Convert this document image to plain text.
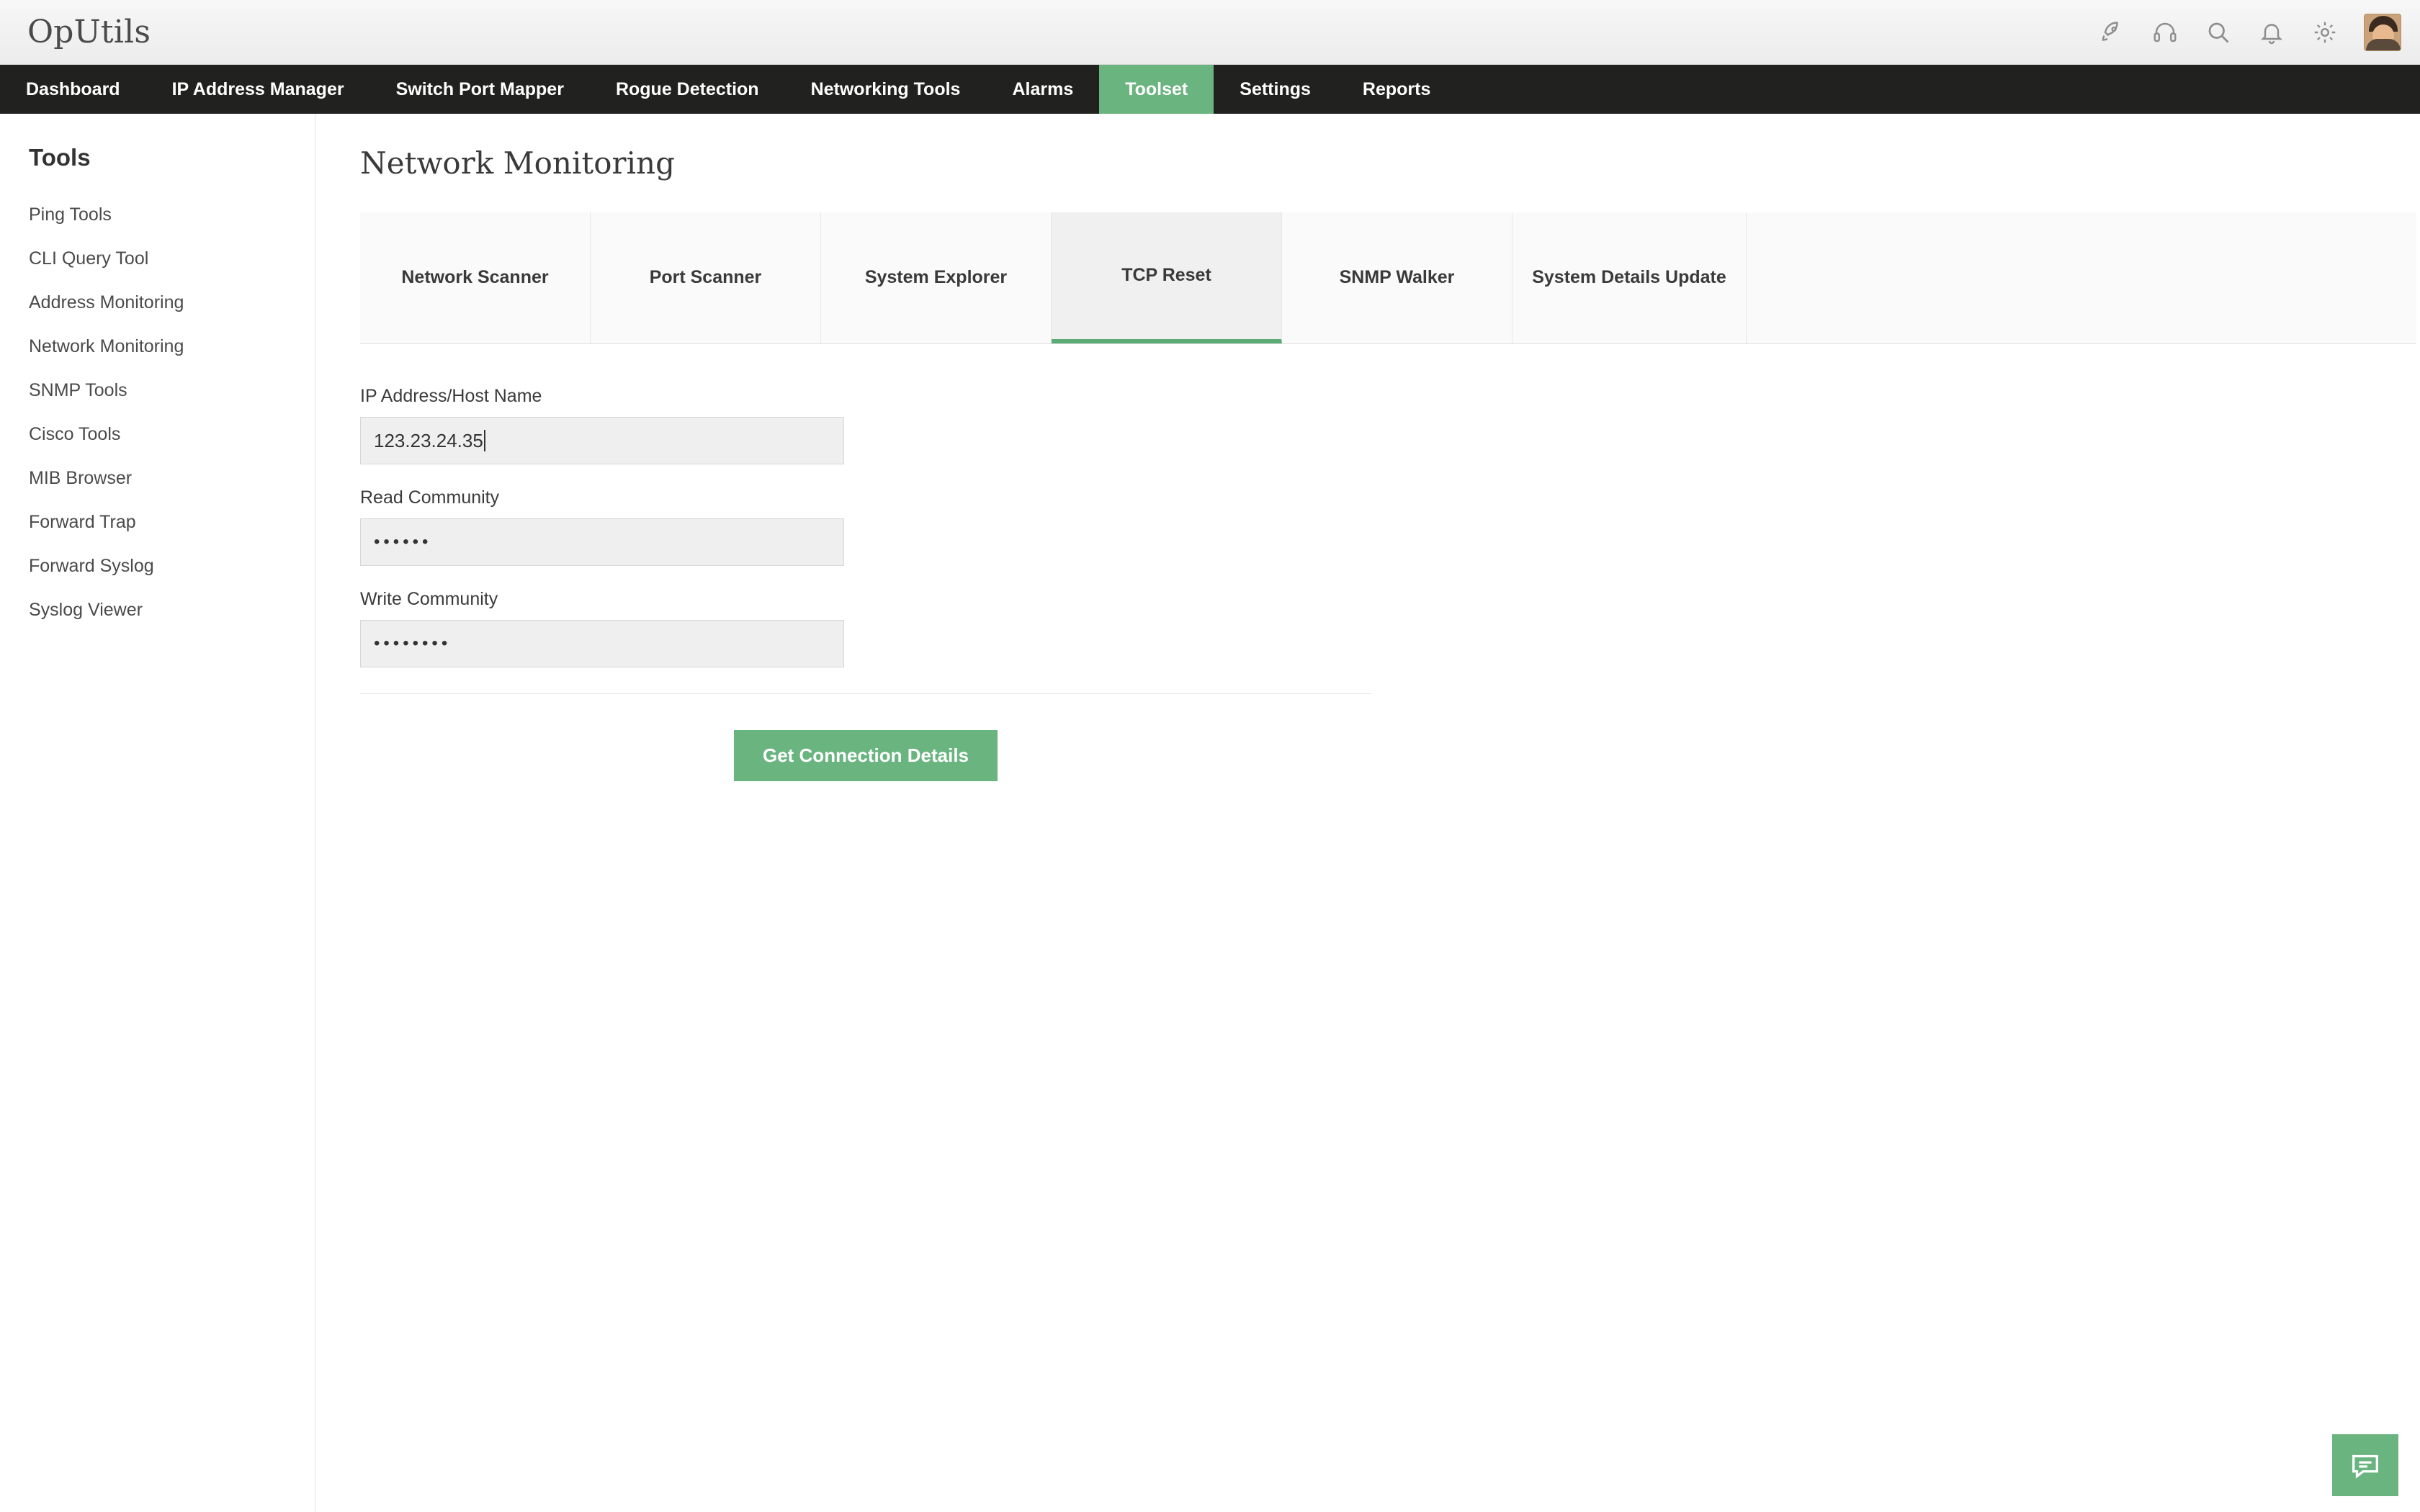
OpUtils
Dashboard	IP Address Manager	Switch Port Mapper	Rogue Detection	Networking Tools	Alarms	Toolset	Settings	Reports
Tools
Ping Tools
CLI Query Tool
Address Monitoring
Network Monitoring
SNMP Tools
Cisco Tools
MIB Browser
Forward Trap
Forward Syslog
Syslog Viewer
Network Monitoring
Network Scanner	Port Scanner	System Explorer	TCP Reset	SNMP Walker	System Details Update
IP Address/Host Name
123.23.24.35
Read Community
••••••
Write Community
••••••••
Get Connection Details
